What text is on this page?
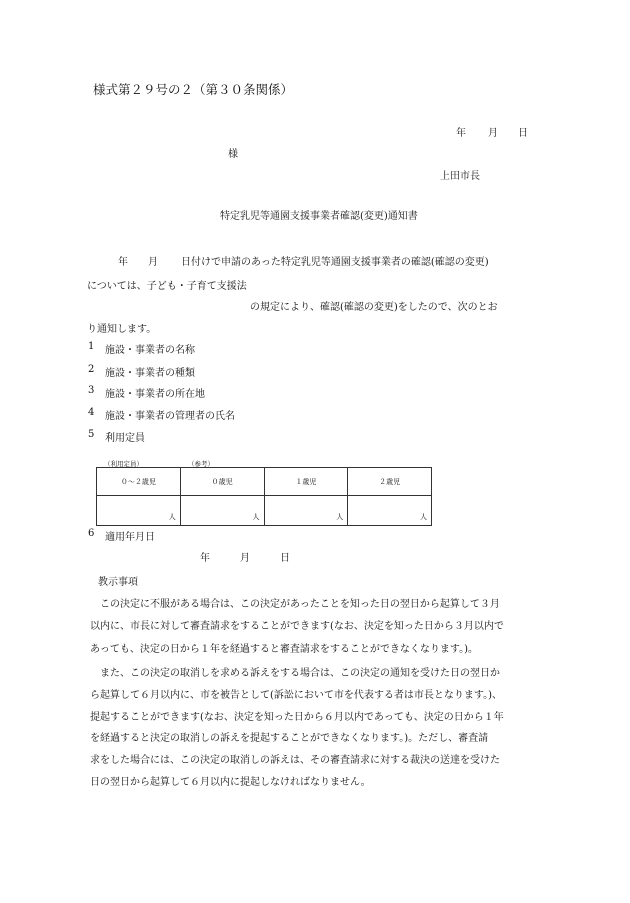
様式第２９号の２（第３０条関係）
年 月 日
様
上田市長
特定乳児等通園支援事業者確認(変更)通知書
年 月 日付けで申請のあった特定乳児等通園支援事業者の確認(確認の変更)
については、子ども・子育て支援法
の規定により、確認(確認の変更)をしたので、次のとお
り通知します。
1 施設・事業者の名称
2 施設・事業者の種類
3 施設・事業者の所在地
4 施設・事業者の管理者の氏名
5 利用定員
（利用定員）	（参考）
０～２歳児	０歳児	１歳児	２歳児
人	人	人	人
6 適用年月日
年	月	日
教示事項
この決定に不服がある場合は、この決定があったことを知った日の翌日から起算して３月
以内に、市長に対して審査請求をすることができます(なお、決定を知った日から３月以内で
あっても、決定の日から１年を経過すると審査請求をすることができなくなります。)。
また、この決定の取消しを求める訴えをする場合は、この決定の通知を受けた日の翌日か
ら起算して６月以内に、市を被告として(訴訟において市を代表する者は市長となります。)、
提起することができます(なお、決定を知った日から６月以内であっても、決定の日から１年
を経過すると決定の取消しの訴えを提起することができなくなります。)。ただし、審査請
求をした場合には、この決定の取消しの訴えは、その審査請求に対する裁決の送達を受けた
日の翌日から起算して６月以内に提起しなければなりません。
